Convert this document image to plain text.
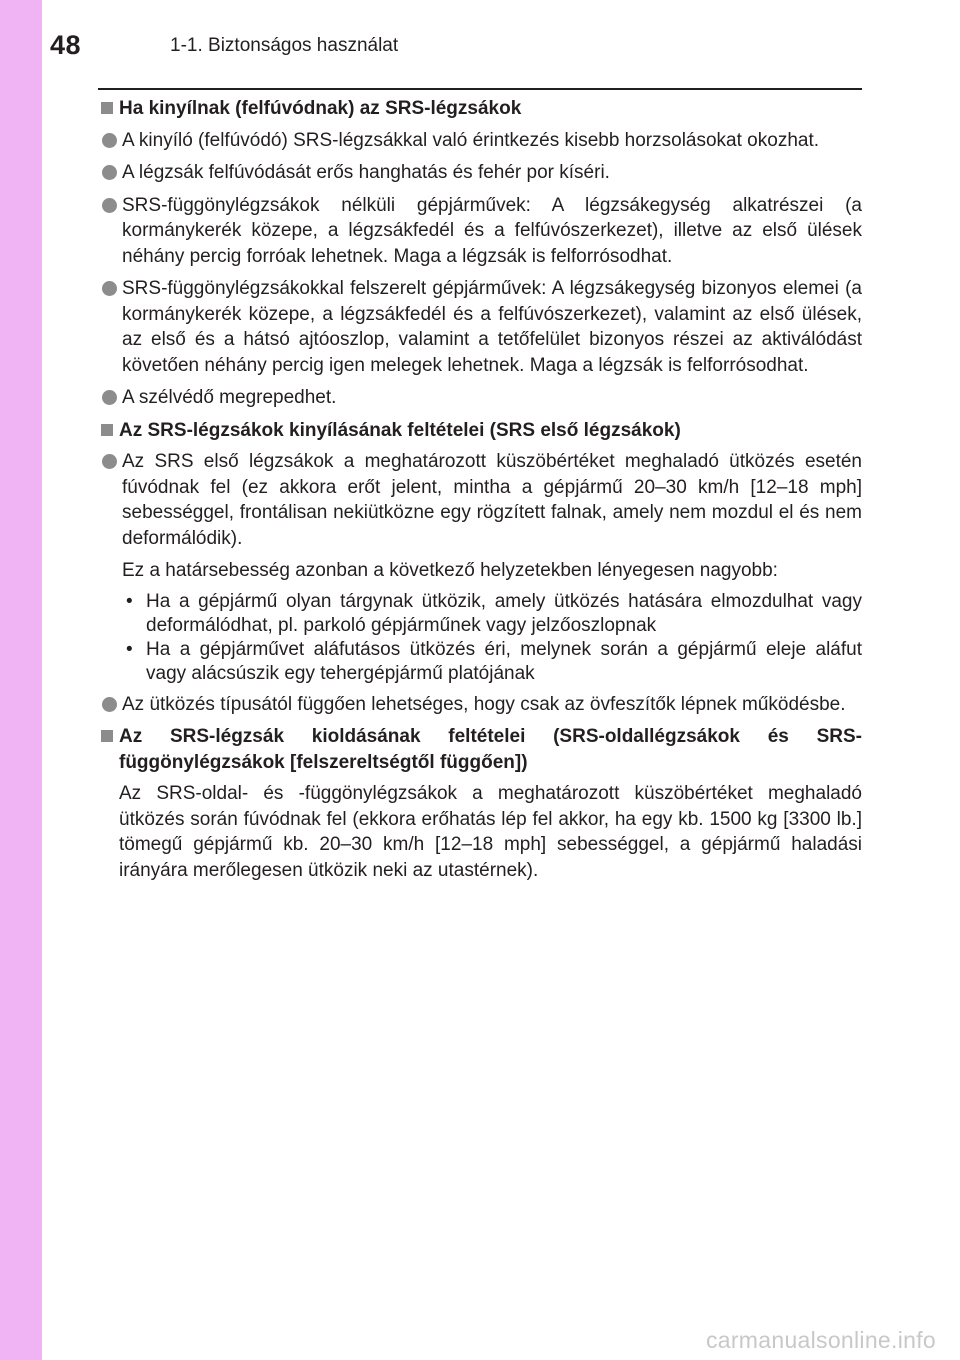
48	1-1. Biztonságos használat
Ha kinyílnak (felfúvódnak) az SRS-légzsákok
A kinyíló (felfúvódó) SRS-légzsákkal való érintkezés kisebb horzsolásokat okozhat.
A légzsák felfúvódását erős hanghatás és fehér por kíséri.
SRS-függönylégzsákok nélküli gépjárművek: A légzsákegység alkatrészei (a kormánykerék közepe, a légzsákfedél és a felfúvószerkezet), illetve az első ülések néhány percig forróak lehetnek. Maga a légzsák is felforrósodhat.
SRS-függönylégzsákokkal felszerelt gépjárművek: A légzsákegység bizonyos elemei (a kormánykerék közepe, a légzsákfedél és a felfúvószerkezet), valamint az első ülések, az első és a hátsó ajtóoszlop, valamint a tetőfelület bizonyos részei az aktiválódást követően néhány percig igen melegek lehetnek. Maga a légzsák is felforrósodhat.
A szélvédő megrepedhet.
Az SRS-légzsákok kinyílásának feltételei (SRS első légzsákok)
Az SRS első légzsákok a meghatározott küszöbértéket meghaladó ütközés esetén fúvódnak fel (ez akkora erőt jelent, mintha a gépjármű 20–30 km/h [12–18 mph] sebességgel, frontálisan nekiütközne egy rögzített falnak, amely nem mozdul el és nem deformálódik).

Ez a határsebesség azonban a következő helyzetekben lényegesen nagyobb:

• Ha a gépjármű olyan tárgynak ütközik, amely ütközés hatására elmozdulhat vagy deformálódhat, pl. parkoló gépjárműnek vagy jelzőoszlopnak
• Ha a gépjárművet aláfutásos ütközés éri, melynek során a gépjármű eleje aláfut vagy alácsúszik egy tehergépjármű platójának
Az ütközés típusától függően lehetséges, hogy csak az övfeszítők lépnek működésbe.
Az SRS-légzsák kioldásának feltételei (SRS-oldallégzsákok és SRS-függönylégzsákok [felszereltségtől függően])

Az SRS-oldal- és -függönylégzsákok a meghatározott küszöbértéket meghaladó ütközés során fúvódnak fel (ekkora erőhatás lép fel akkor, ha egy kb. 1500 kg [3300 lb.] tömegű gépjármű kb. 20–30 km/h [12–18 mph] sebességgel, a gépjármű haladási irányára merőlegesen ütközik neki az utastérnek).

carmanualsonline.info
